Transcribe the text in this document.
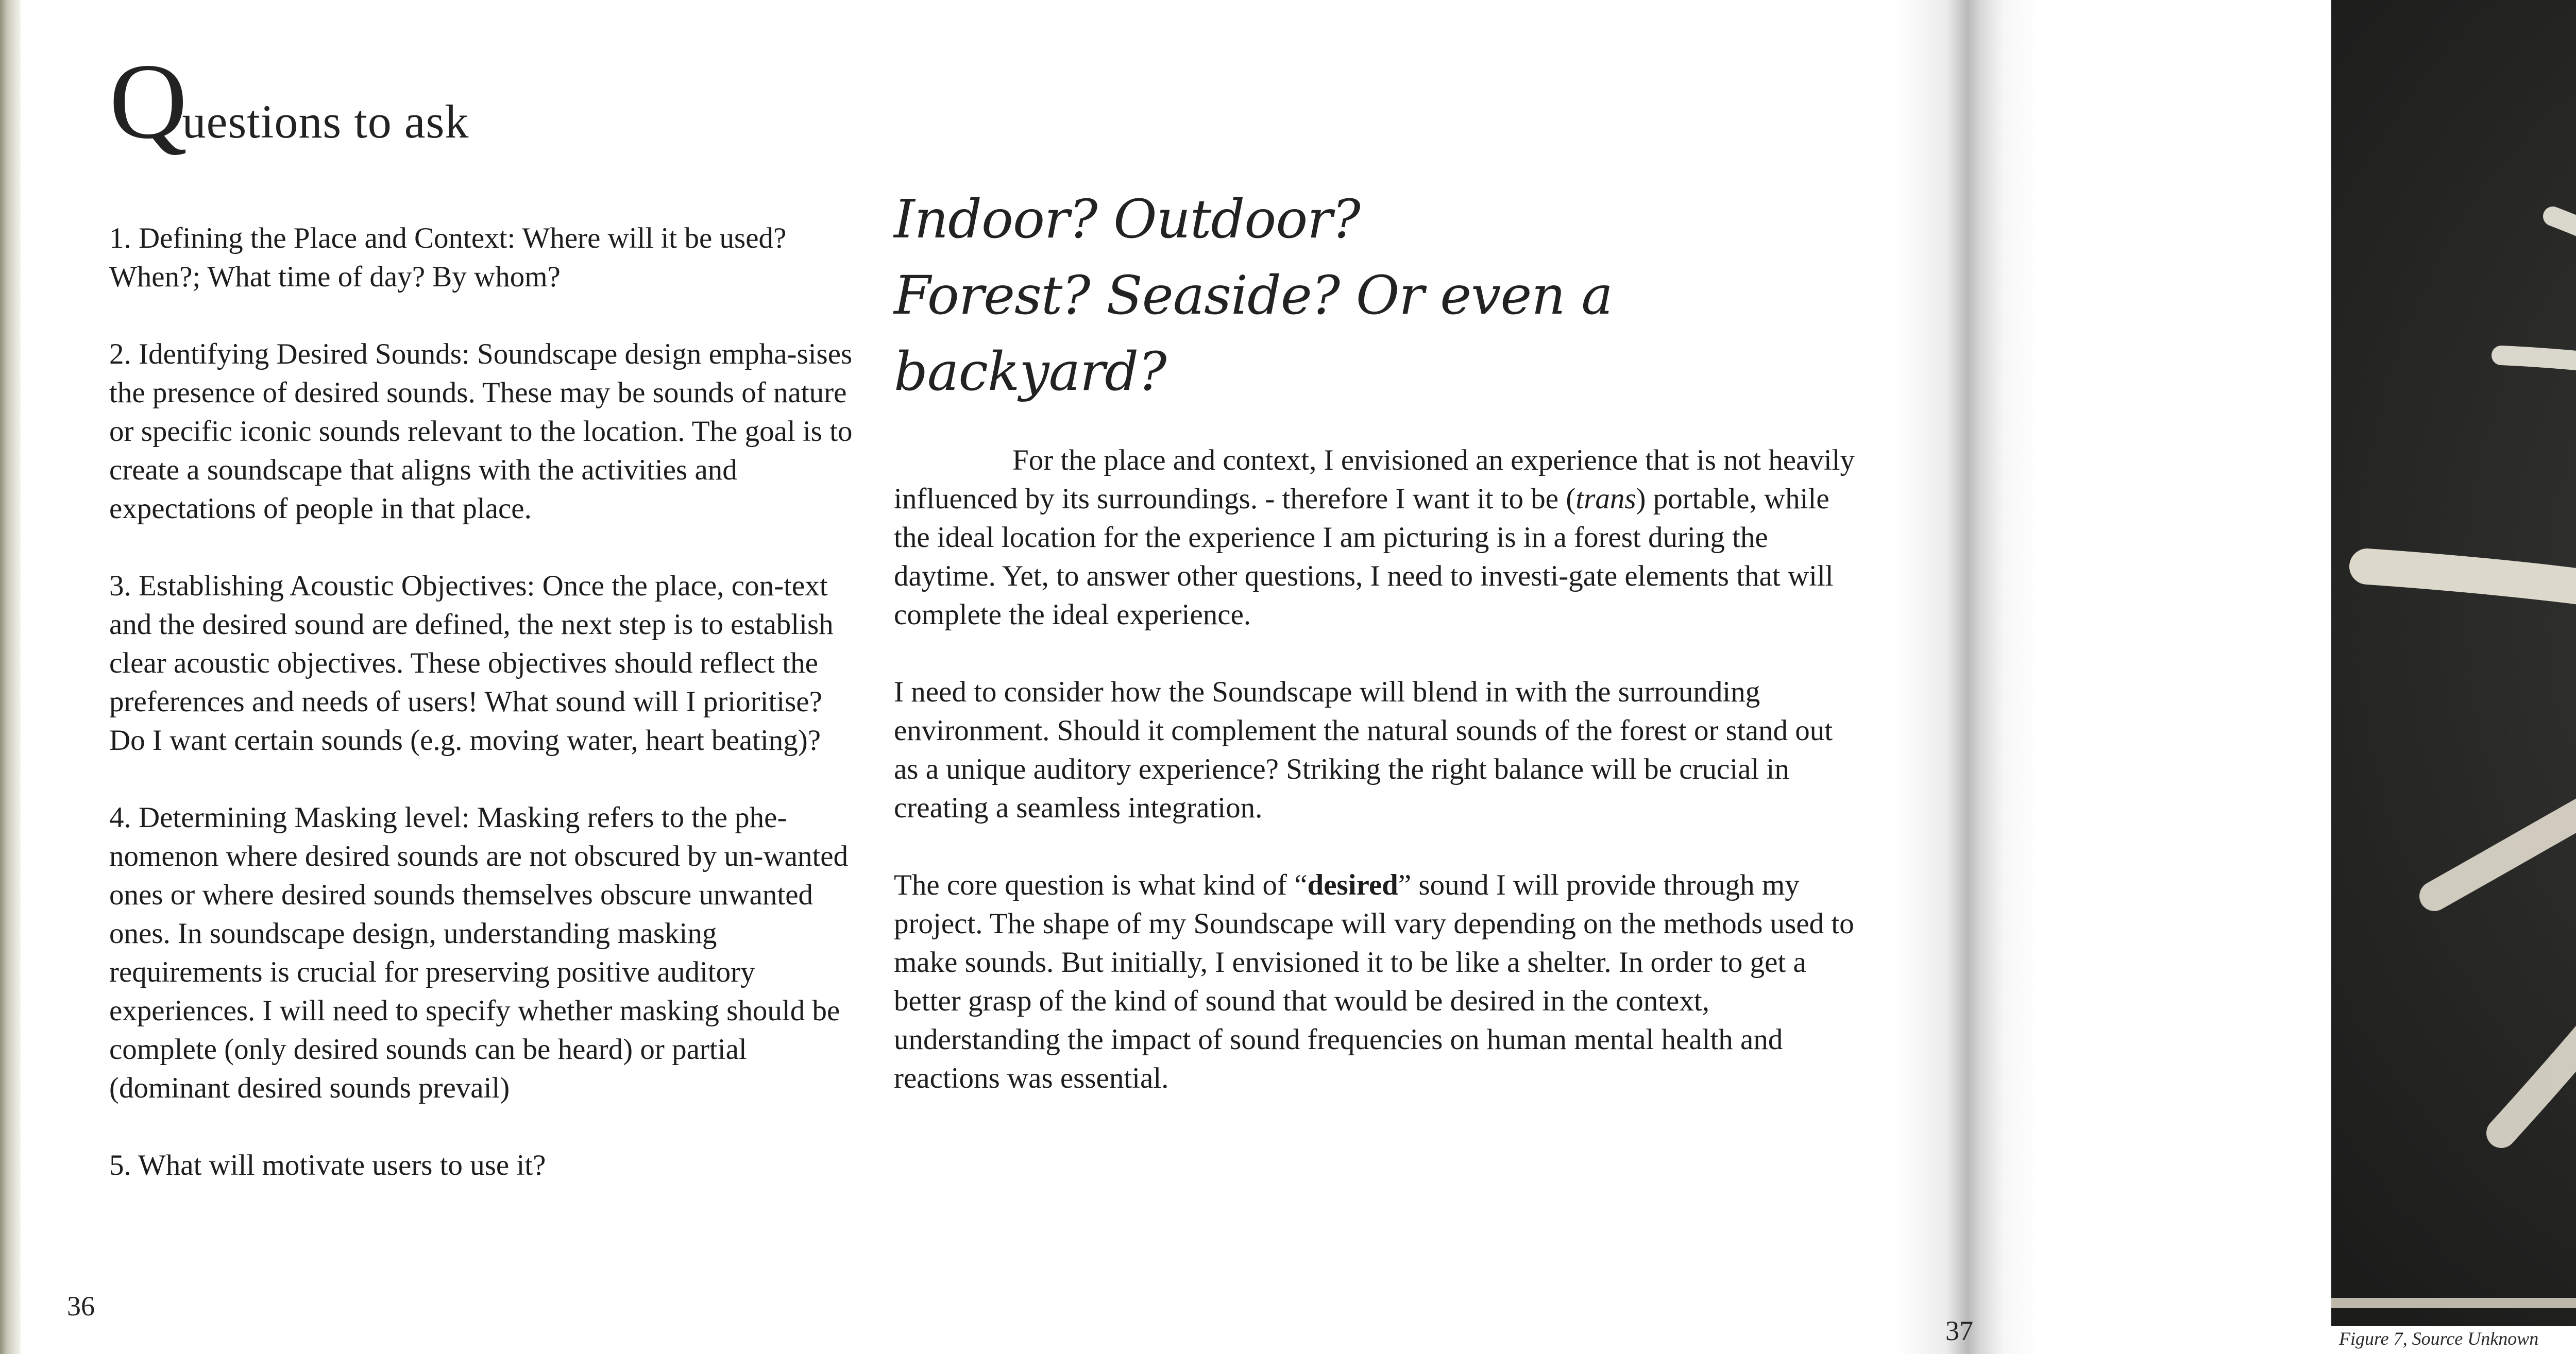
Questions to ask

1. Defining the Place and Context: Where will it be used? When?; What time of day? By whom?

2. Identifying Desired Sounds: Soundscape design empha-sises the presence of desired sounds. These may be sounds of nature or specific iconic sounds relevant to the location. The goal is to create a soundscape that aligns with the activities and expectations of people in that place.

3. Establishing Acoustic Objectives: Once the place, con-text and the desired sound are defined, the next step is to establish clear acoustic objectives. These objectives should reflect the preferences and needs of users! What sound will I prioritise? Do I want certain sounds (e.g. moving water, heart beating)?

4. Determining Masking level: Masking refers to the phe-nomenon where desired sounds are not obscured by un-wanted ones or where desired sounds themselves obscure unwanted ones. In soundscape design, understanding masking requirements is crucial for preserving positive auditory experiences. I will need to specify whether masking should be complete (only desired sounds can be heard) or partial (dominant desired sounds prevail)

5. What will motivate users to use it?

Indoor? Outdoor?
Forest? Seaside? Or even a backyard?

For the place and context, I envisioned an experience that is not heavily influenced by its surroundings. - therefore I want it to be (trans) portable, while the ideal location for the experience I am picturing is in a forest during the daytime. Yet, to answer other questions, I need to investi-gate elements that will complete the ideal experience.

I need to consider how the Soundscape will blend in with the surrounding environment. Should it complement the natural sounds of the forest or stand out as a unique auditory experience? Striking the right balance will be crucial in creating a seamless integration.

The core question is what kind of “desired” sound I will provide through my project. The shape of my Soundscape will vary depending on the methods used to make sounds. But initially, I envisioned it to be like a shelter. In order to get a better grasp of the kind of sound that would be desired in the context, understanding the impact of sound frequencies on human mental health and reactions was essential.

36
37	Figure 7, Source Unknown
